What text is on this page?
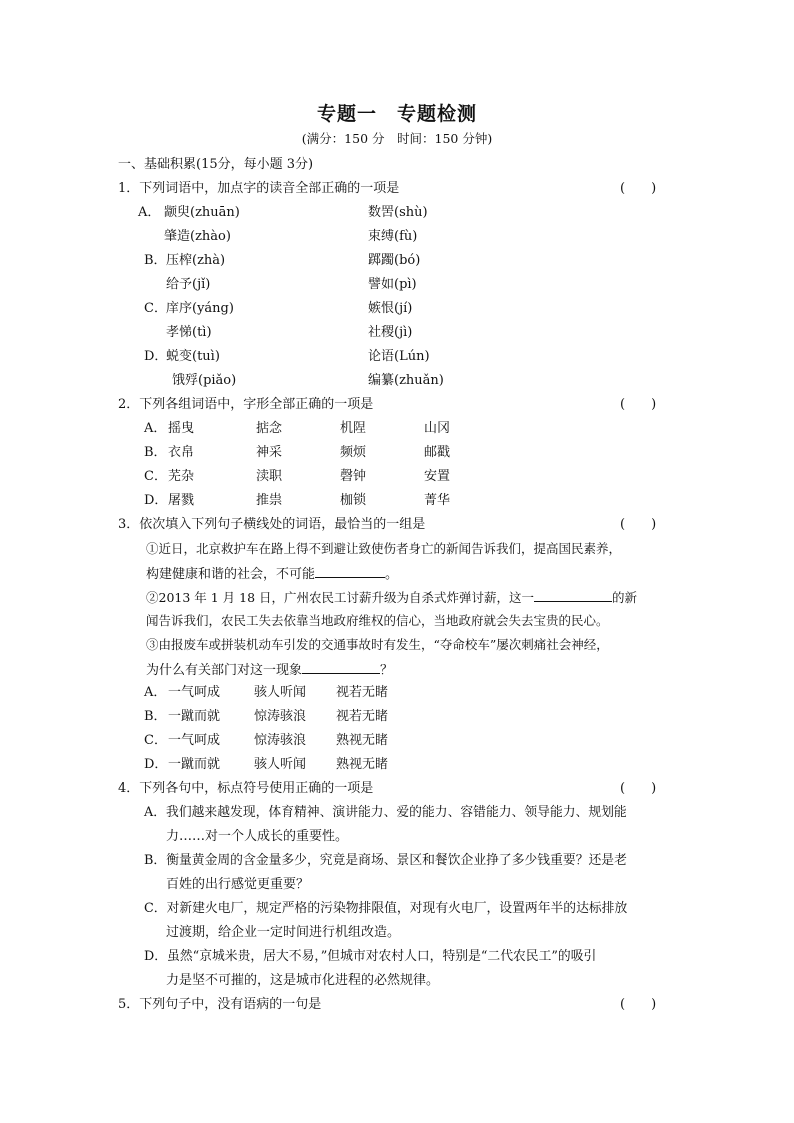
专题一　专题检测
(满分：150 分　时间：150 分钟)
一、基础积累(15分，每小题 3分)
1．下列词语中，加点字的读音全部正确的一项是	(　　)
A． 颛臾(zhuān)	数罟(shù)
肇造(zhào)	束缚(fù)
B． 压榨(zhà)	踯躅(bó)
给予(jǐ)	譬如(pì)
C． 庠序(yáng)	嫉恨(jí)
孝悌(tì)	社稷(jì)
D．
蜕变(tuì)	论语(Lún)
饿殍(piǎo)	编纂(zhuǎn)
2．下列各组词语中，字形全部正确的一项是	(　　)
A． 摇曳	掂念	机陧	山冈
B． 衣帛	神采	频烦	邮戳
C． 芜杂	渎职	磬钟	安置
D． 屠戮	推祟	枷锁	菁华
3．依次填入下列句子横线处的词语，最恰当的一组是	(　　)
①近日，北京救护车在路上得不到避让致使伤者身亡的新闻告诉我们，提高国民素养，
构建健康和谐的社会，不可能	。
②2013 年 1 月 18 日，广州农民工讨薪升级为自杀式炸弹讨薪，这一	的新
闻告诉我们，农民工失去依靠当地政府维权的信心，当地政府就会失去宝贵的民心。
③由报废车或拼装机动车引发的交通事故时有发生，“夺命校车”屡次刺痛社会神经，
为什么有关部门对这一现象	？
A． 一气呵成	骇人听闻 视若无睹
B． 一蹴而就	惊涛骇浪 视若无睹
C． 一气呵成	惊涛骇浪 熟视无睹
D． 一蹴而就	骇人听闻 熟视无睹
4．下列各句中，标点符号使用正确的一项是	(　　)
A．我们越来越发现，体育精神、演讲能力、爱的能力、容错能力、领导能力、规划能
力……对一个人成长的重要性。
B．衡量黄金周的含金量多少，究竟是商场、景区和餐饮企业挣了多少钱重要？还是老
百姓的出行感觉更重要？
C．对新建火电厂，规定严格的污染物排限值，对现有火电厂，设置两年半的达标排放
过渡期，给企业一定时间进行机组改造。
D．虽然“京城米贵，居大不易，”但城市对农村人口，特别是“二代农民工”的吸引
力是坚不可摧的，这是城市化进程的必然规律。
5．下列句子中，没有语病的一句是	(　　)
